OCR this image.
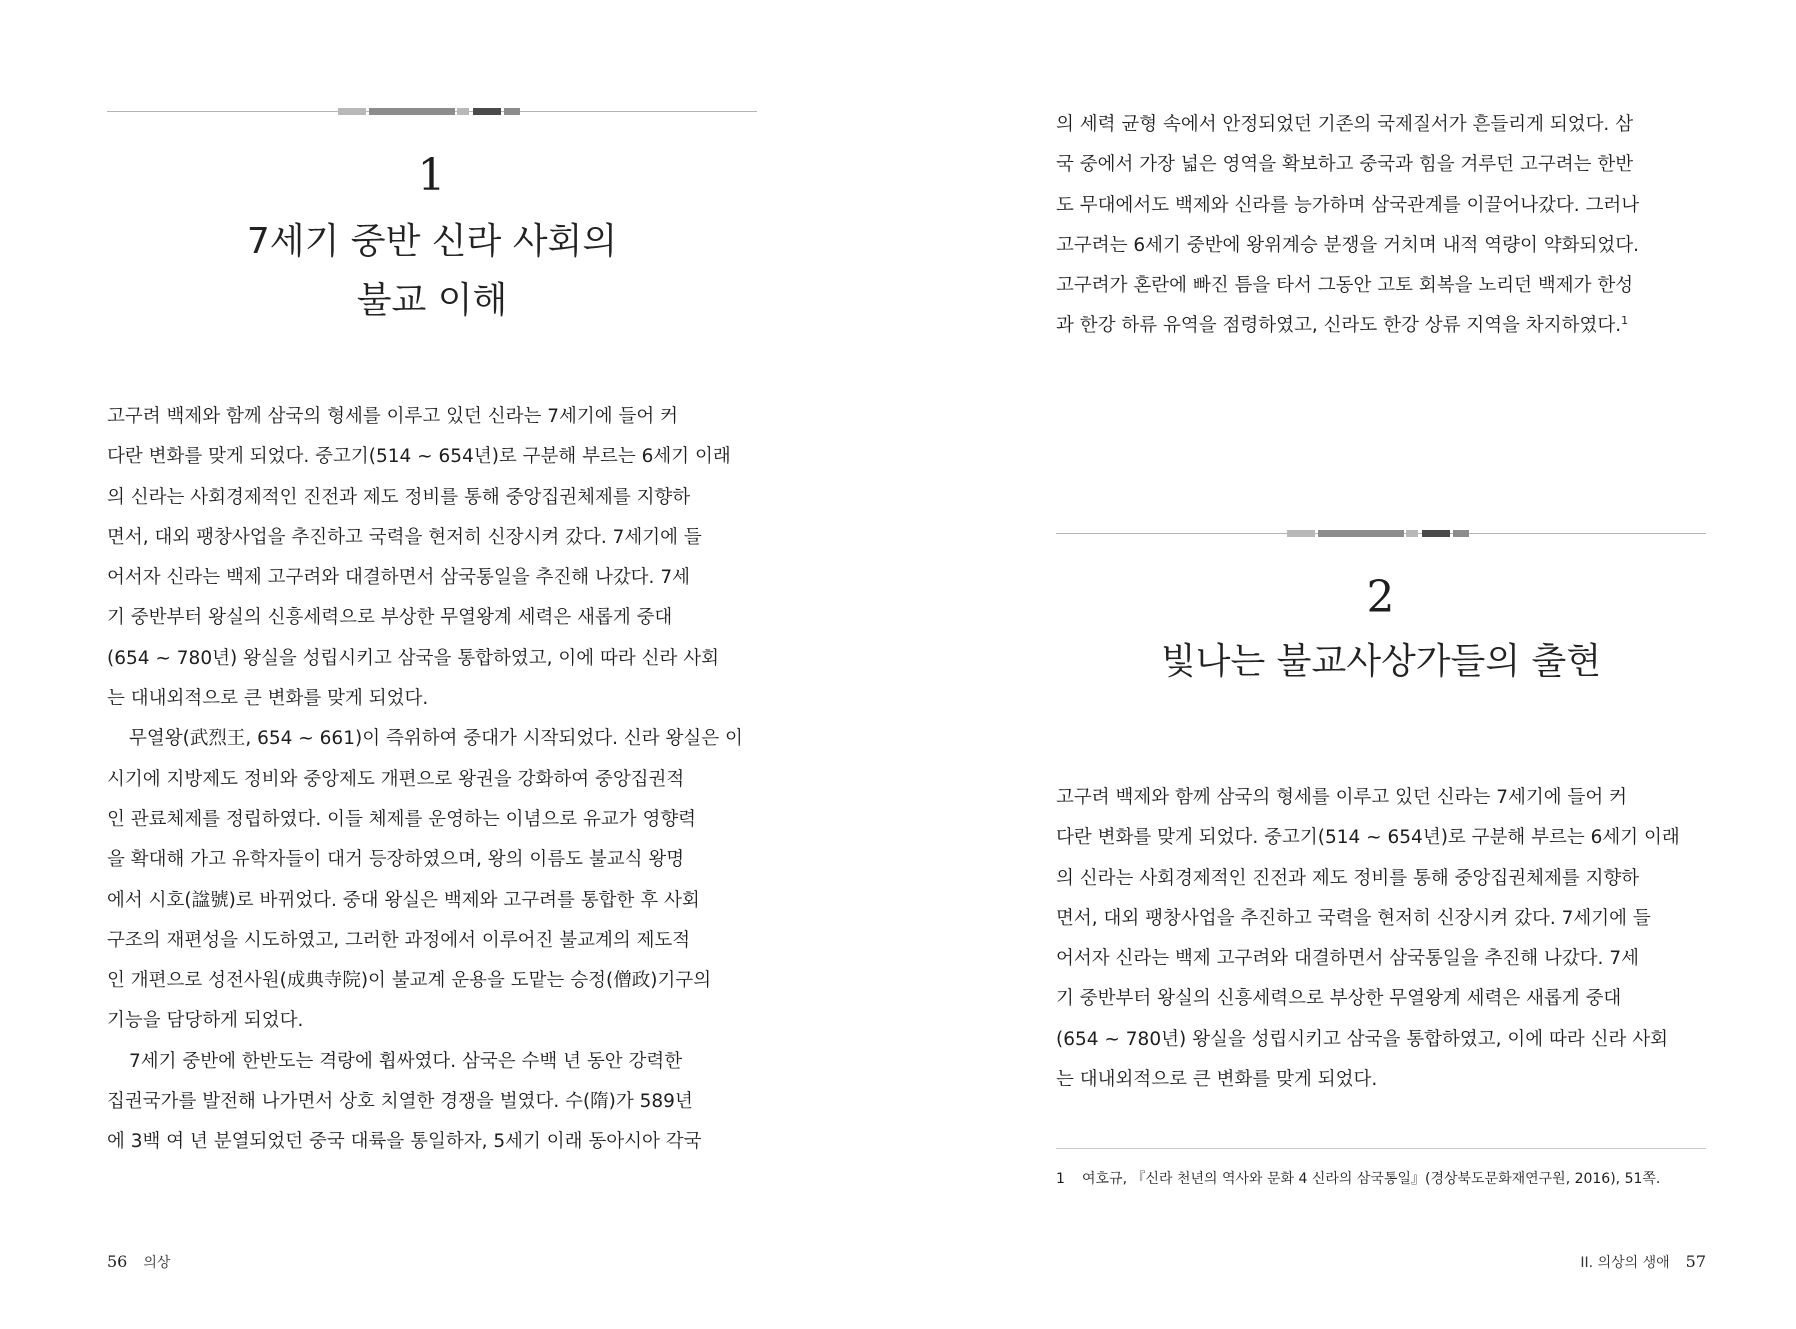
1
7세기 중반 신라 사회의
불교 이해
고구려 백제와 함께 삼국의 형세를 이루고 있던 신라는 7세기에 들어 커
다란 변화를 맞게 되었다. 중고기(514 ~ 654년)로 구분해 부르는 6세기 이래
의 신라는 사회경제적인 진전과 제도 정비를 통해 중앙집권체제를 지향하
면서, 대외 팽창사업을 추진하고 국력을 현저히 신장시켜 갔다. 7세기에 들
어서자 신라는 백제 고구려와 대결하면서 삼국통일을 추진해 나갔다. 7세
기 중반부터 왕실의 신흥세력으로 부상한 무열왕계 세력은 새롭게 중대
(654 ~ 780년) 왕실을 성립시키고 삼국을 통합하였고, 이에 따라 신라 사회
는 대내외적으로 큰 변화를 맞게 되었다.
무열왕(武烈王, 654 ~ 661)이 즉위하여 중대가 시작되었다. 신라 왕실은 이
시기에 지방제도 정비와 중앙제도 개편으로 왕권을 강화하여 중앙집권적
인 관료체제를 정립하였다. 이들 체제를 운영하는 이념으로 유교가 영향력
을 확대해 가고 유학자들이 대거 등장하였으며, 왕의 이름도 불교식 왕명
에서 시호(諡號)로 바뀌었다. 중대 왕실은 백제와 고구려를 통합한 후 사회
구조의 재편성을 시도하였고, 그러한 과정에서 이루어진 불교계의 제도적
인 개편으로 성전사원(成典寺院)이 불교계 운용을 도맡는 승정(僧政)기구의
기능을 담당하게 되었다.
7세기 중반에 한반도는 격랑에 휩싸였다. 삼국은 수백 년 동안 강력한
집권국가를 발전해 나가면서 상호 치열한 경쟁을 벌였다. 수(隋)가 589년
에 3백 여 년 분열되었던 중국 대륙을 통일하자, 5세기 이래 동아시아 각국
56 의상
의 세력 균형 속에서 안정되었던 기존의 국제질서가 흔들리게 되었다. 삼
국 중에서 가장 넓은 영역을 확보하고 중국과 힘을 겨루던 고구려는 한반
도 무대에서도 백제와 신라를 능가하며 삼국관계를 이끌어나갔다. 그러나
고구려는 6세기 중반에 왕위계승 분쟁을 거치며 내적 역량이 약화되었다.
고구려가 혼란에 빠진 틈을 타서 그동안 고토 회복을 노리던 백제가 한성
과 한강 하류 유역을 점령하였고, 신라도 한강 상류 지역을 차지하였다.$^1$
2
빛나는 불교사상가들의 출현
고구려 백제와 함께 삼국의 형세를 이루고 있던 신라는 7세기에 들어 커
다란 변화를 맞게 되었다. 중고기(514 ~ 654년)로 구분해 부르는 6세기 이래
의 신라는 사회경제적인 진전과 제도 정비를 통해 중앙집권체제를 지향하
면서, 대외 팽창사업을 추진하고 국력을 현저히 신장시켜 갔다. 7세기에 들
어서자 신라는 백제 고구려와 대결하면서 삼국통일을 추진해 나갔다. 7세
기 중반부터 왕실의 신흥세력으로 부상한 무열왕계 세력은 새롭게 중대
(654 ~ 780년) 왕실을 성립시키고 삼국을 통합하였고, 이에 따라 신라 사회
는 대내외적으로 큰 변화를 맞게 되었다.
1 여호규, 『신라 천년의 역사와 문화 4 신라의 삼국통일』(경상북도문화재연구원, 2016), 51쪽.
II. 의상의 생애 57
